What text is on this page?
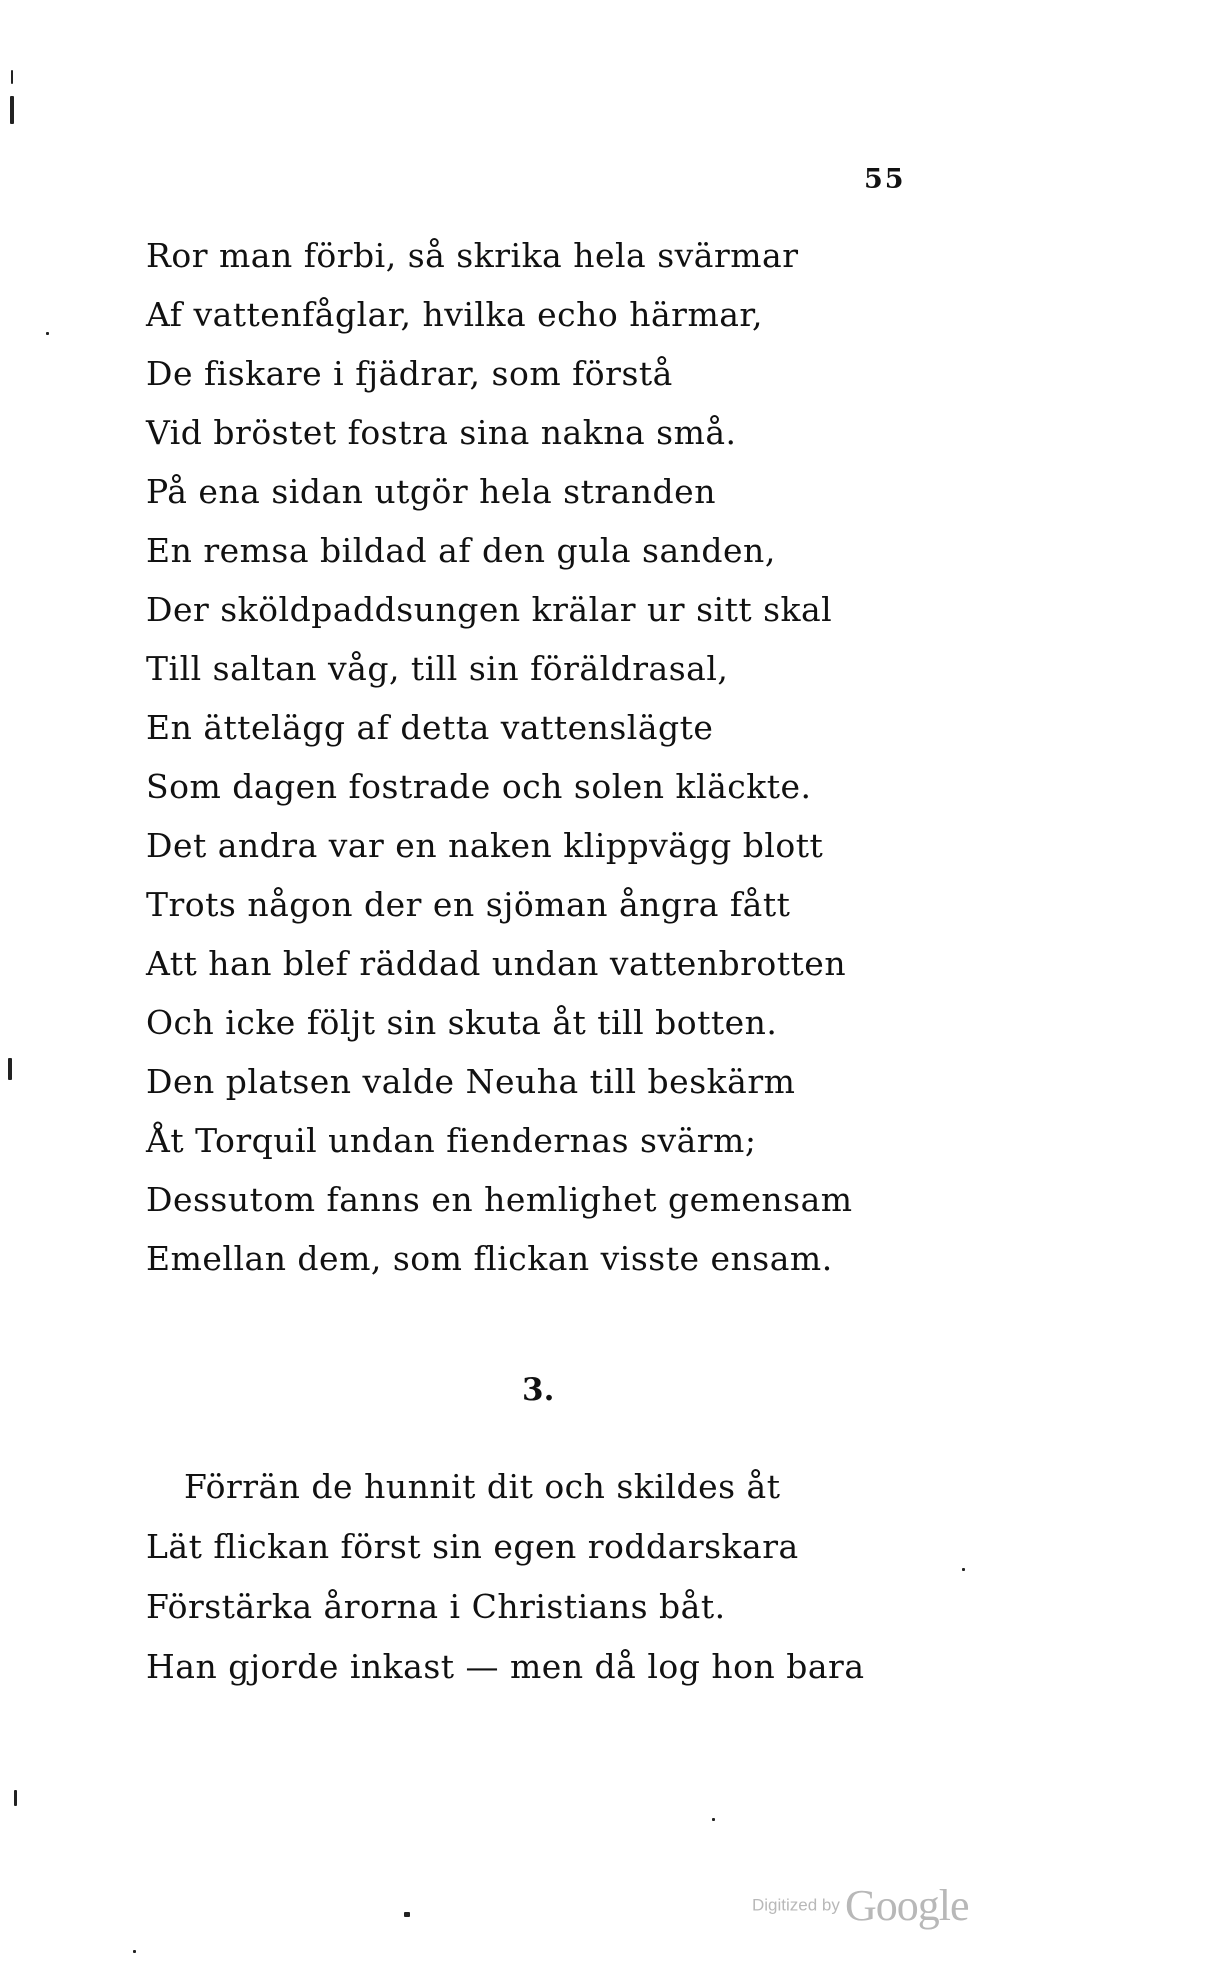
55
Ror man förbi, så skrika hela svärmar
Af vattenfåglar, hvilka echo härmar,
De fiskare i fjädrar, som förstå
Vid bröstet fostra sina nakna små.
På ena sidan utgör hela stranden
En remsa bildad af den gula sanden,
Der sköldpaddsungen krälar ur sitt skal
Till saltan våg, till sin föräldrasal,
En ättelägg af detta vattenslägte
Som dagen fostrade och solen kläckte.
Det andra var en naken klippvägg blott
Trots någon der en sjöman ångra fått
Att han blef räddad undan vattenbrotten
Och icke följt sin skuta åt till botten.
Den platsen valde Neuha till beskärm
Åt Torquil undan fiendernas svärm;
Dessutom fanns en hemlighet gemensam
Emellan dem, som flickan visste ensam.
3.
Förrän de hunnit dit och skildes åt
Lät flickan först sin egen roddarskara
Förstärka årorna i Christians båt.
Han gjorde inkast — men då log hon bara
Digitized by Google
